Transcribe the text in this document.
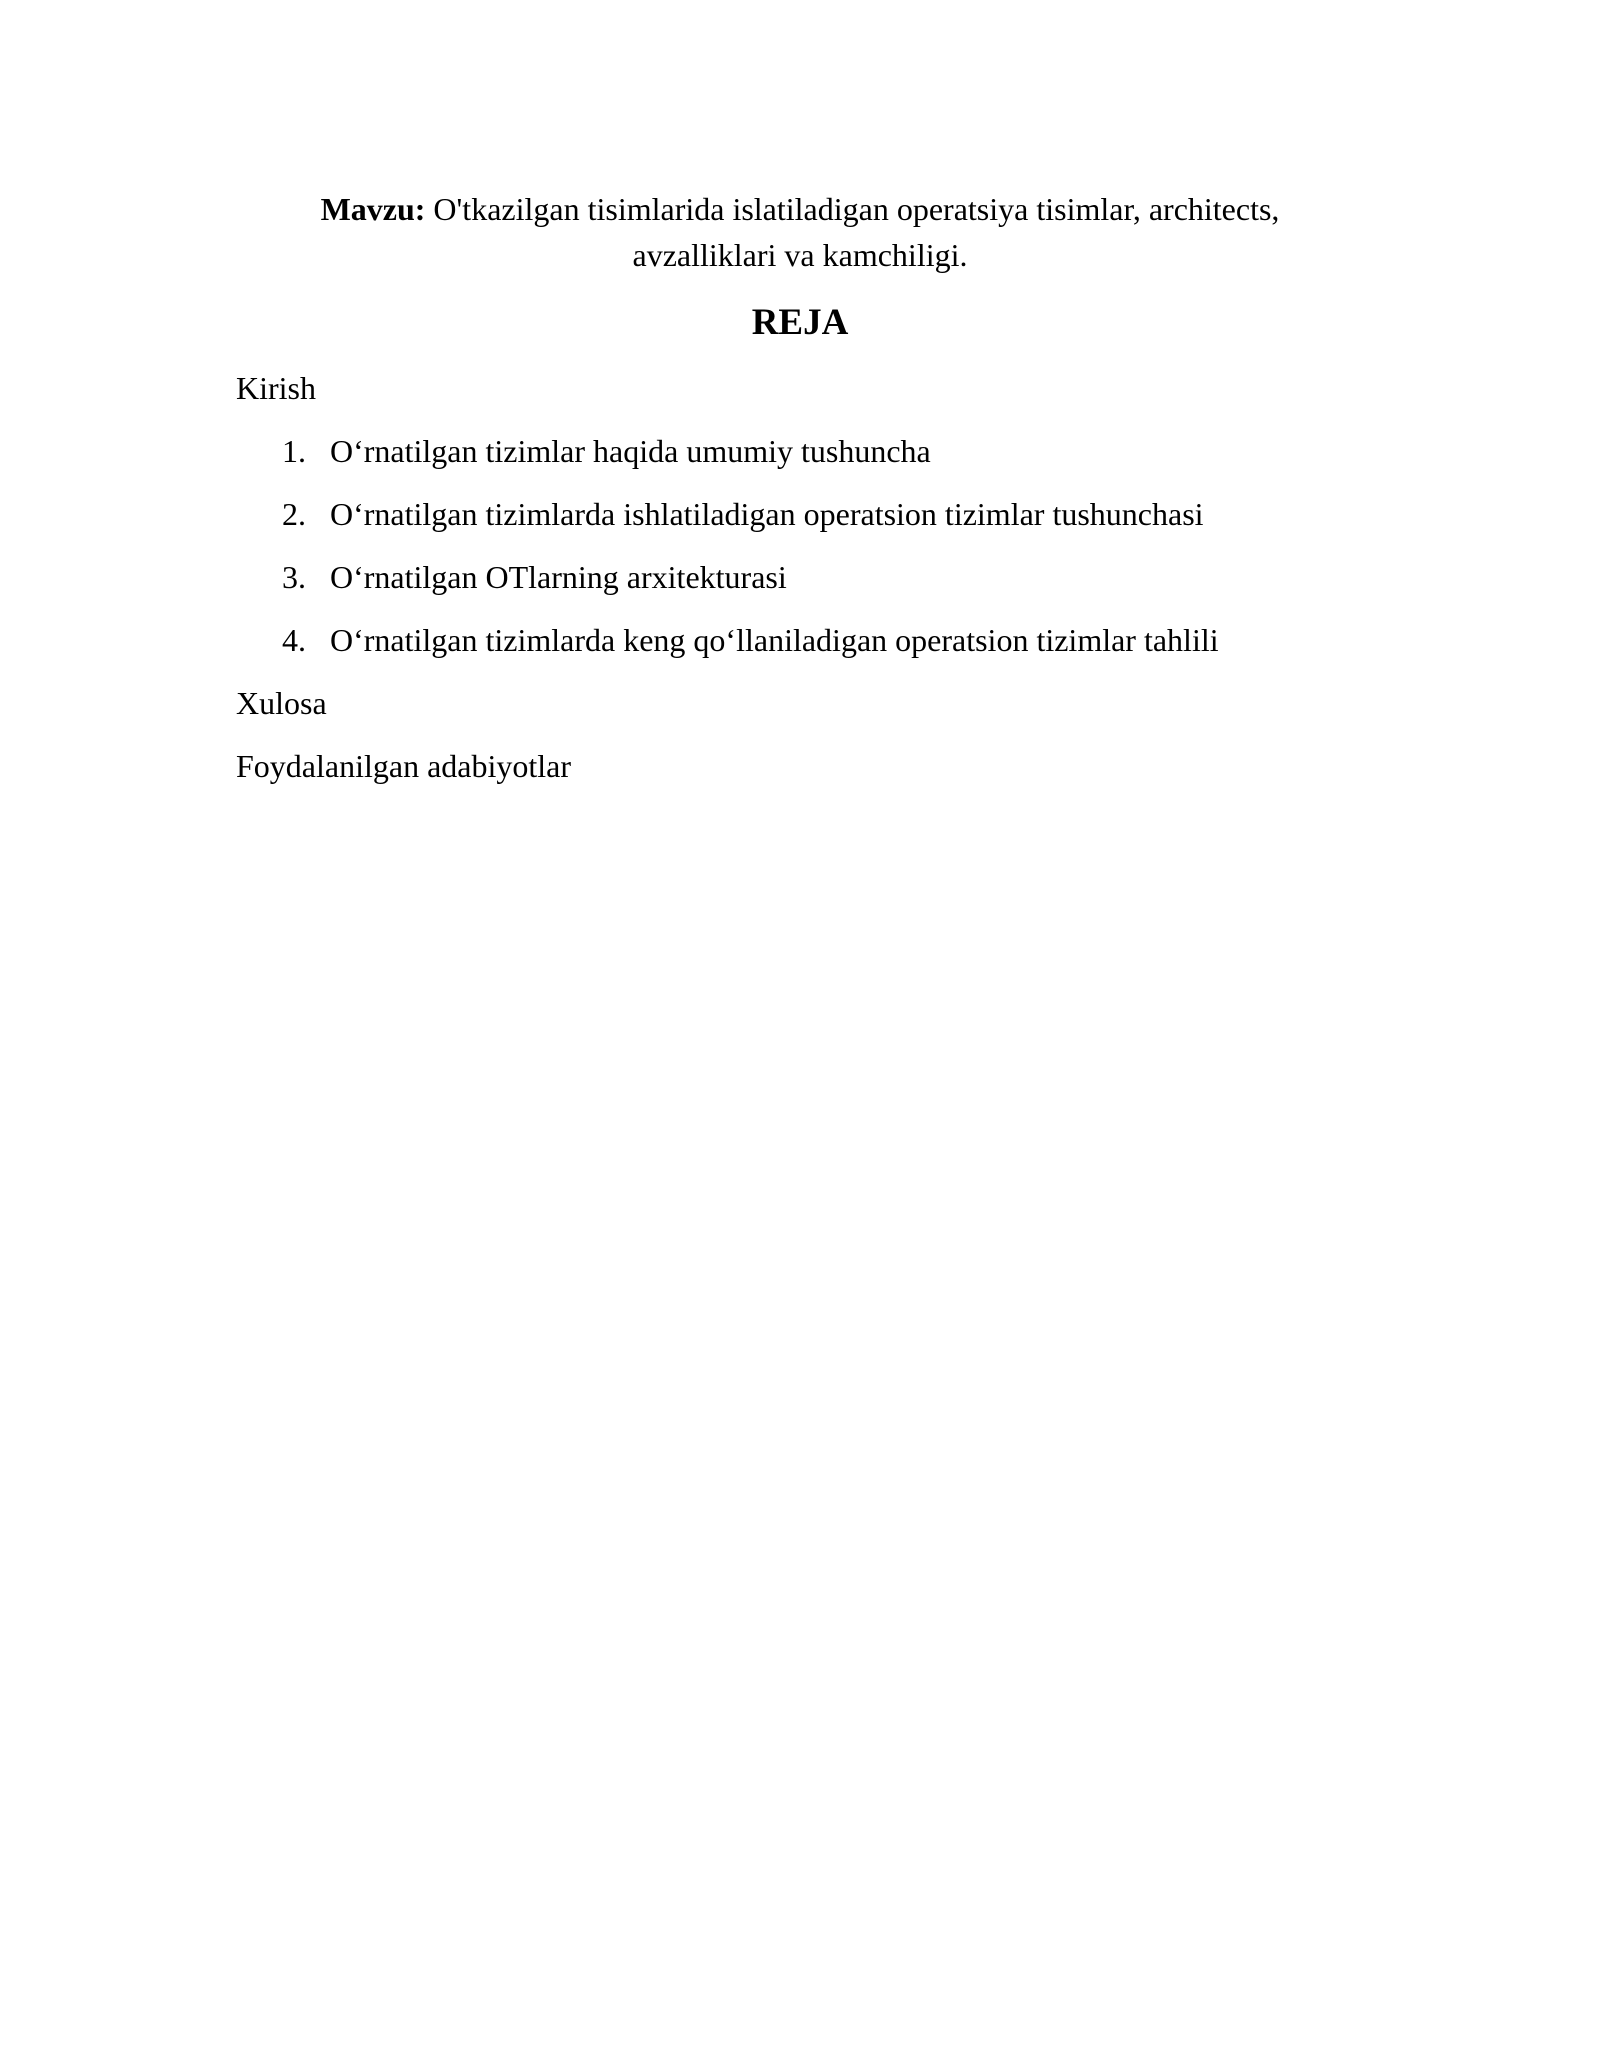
Mavzu: O'tkazilgan tisimlarida islatiladigan operatsiya tisimlar, architects, avzalliklari va kamchiligi.

REJA

Kirish

1. O‘rnatilgan tizimlar haqida umumiy tushuncha
2. O‘rnatilgan tizimlarda ishlatiladigan operatsion tizimlar tushunchasi
3. O‘rnatilgan OTlarning arxitekturasi
4. O‘rnatilgan tizimlarda keng qo‘llaniladigan operatsion tizimlar tahlili

Xulosa

Foydalanilgan adabiyotlar
